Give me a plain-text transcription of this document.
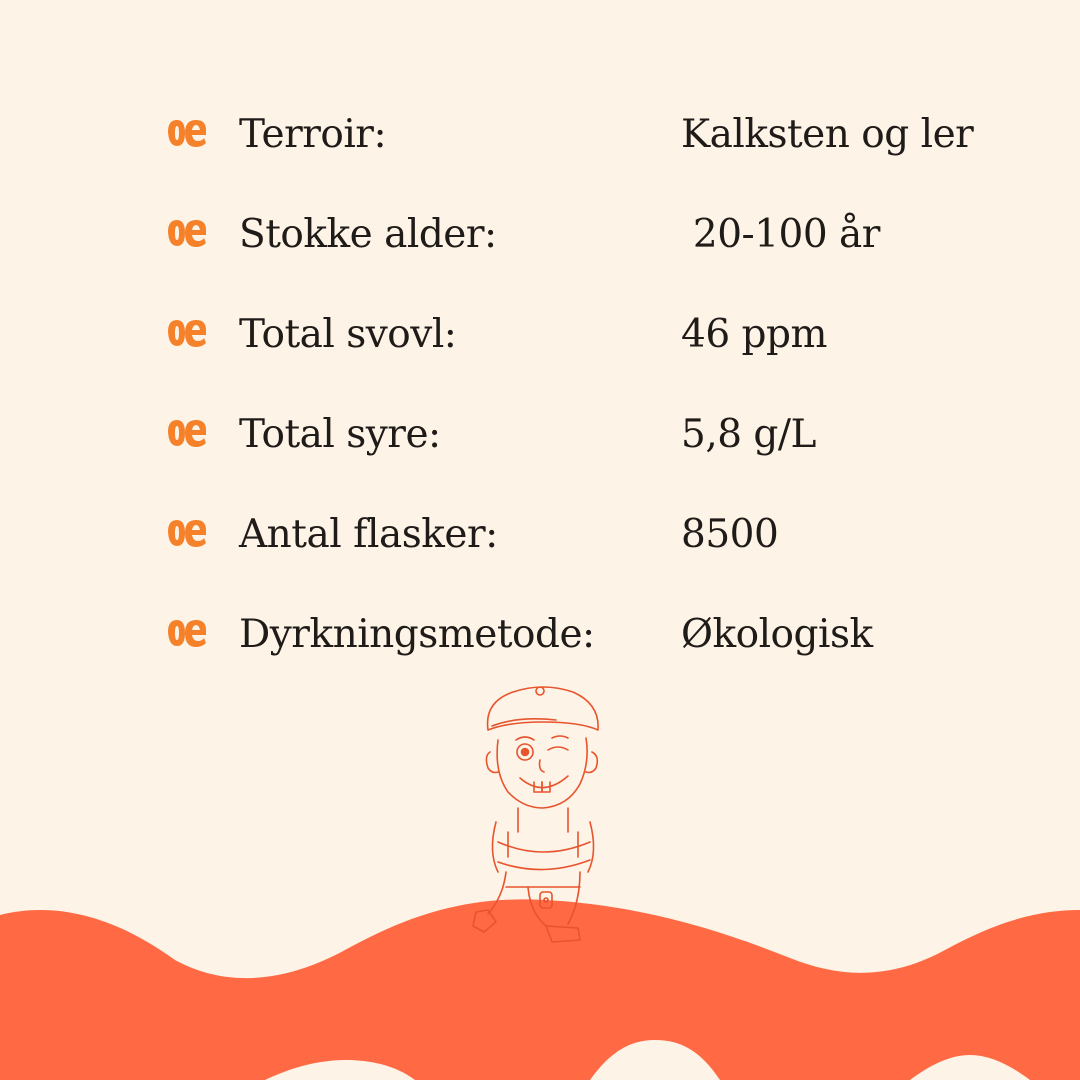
Terroir:	Kalksten og ler
Stokke alder:	20-100 år
Total svovl:	46 ppm
Total syre:	5,8 g/L
Antal flasker:	8500
Dyrkningsmetode: Økologisk
